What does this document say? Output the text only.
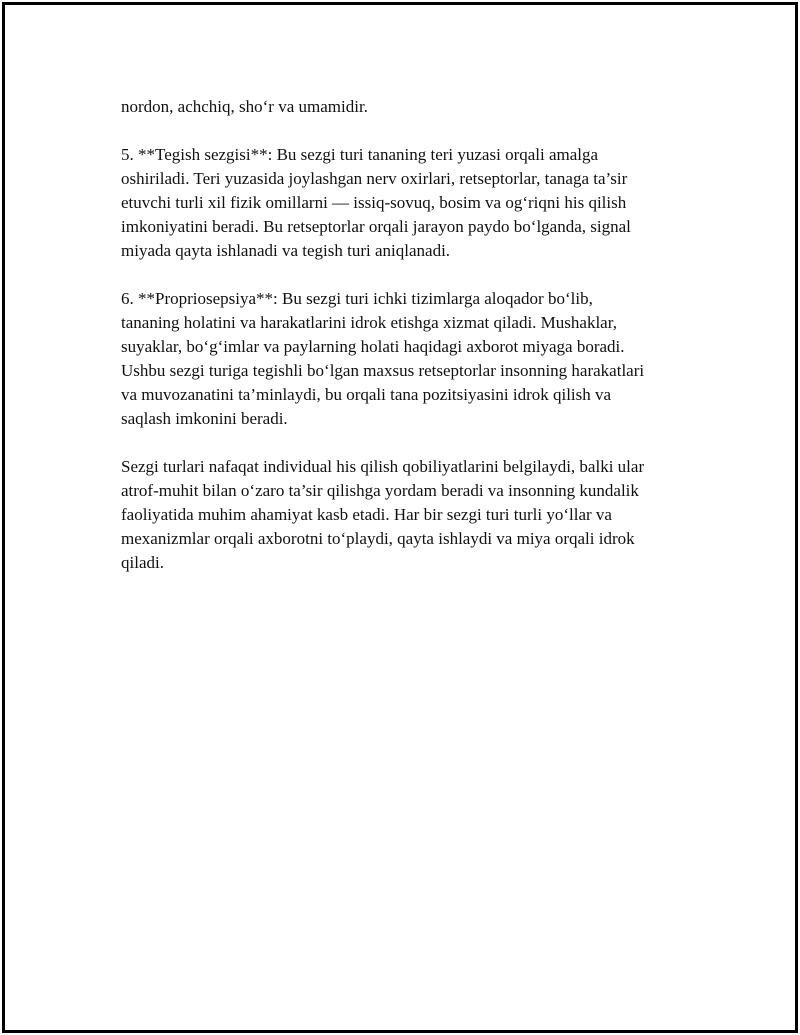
nordon, achchiq, sho‘r va umamidir.

5. **Tegish sezgisi**: Bu sezgi turi tananing teri yuzasi orqali amalga
oshiriladi. Teri yuzasida joylashgan nerv oxirlari, retseptorlar, tanaga ta’sir
etuvchi turli xil fizik omillarni — issiq-sovuq, bosim va og‘riqni his qilish
imkoniyatini beradi. Bu retseptorlar orqali jarayon paydo bo‘lganda, signal
miyada qayta ishlanadi va tegish turi aniqlanadi.

6. **Propriosepsiya**: Bu sezgi turi ichki tizimlarga aloqador bo‘lib,
tananing holatini va harakatlarini idrok etishga xizmat qiladi. Mushaklar,
suyaklar, bo‘g‘imlar va paylarning holati haqidagi axborot miyaga boradi.
Ushbu sezgi turiga tegishli bo‘lgan maxsus retseptorlar insonning harakatlari
va muvozanatini ta’minlaydi, bu orqali tana pozitsiyasini idrok qilish va
saqlash imkonini beradi.

Sezgi turlari nafaqat individual his qilish qobiliyatlarini belgilaydi, balki ular
atrof-muhit bilan o‘zaro ta’sir qilishga yordam beradi va insonning kundalik
faoliyatida muhim ahamiyat kasb etadi. Har bir sezgi turi turli yo‘llar va
mexanizmlar orqali axborotni to‘playdi, qayta ishlaydi va miya orqali idrok
qiladi.
